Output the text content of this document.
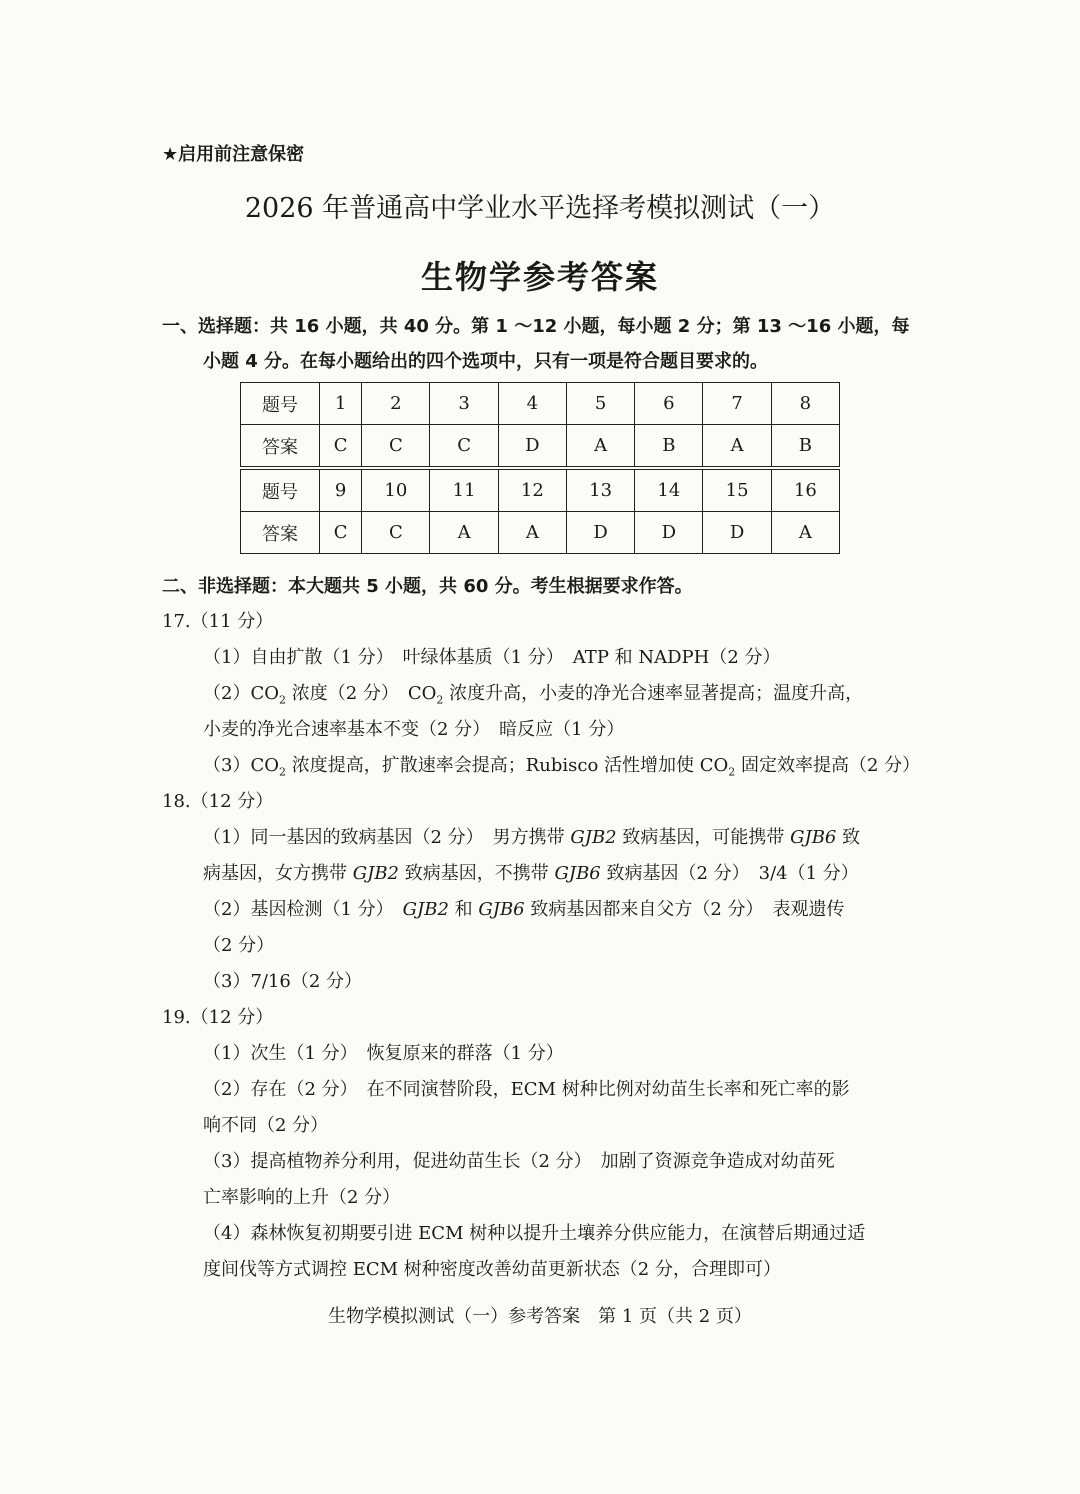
★启用前注意保密
2026 年普通高中学业水平选择考模拟测试（一）
生物学参考答案
一、选择题：共 16 小题，共 40 分。第 1 ～12 小题，每小题 2 分；第 13 ～16 小题，每
小题 4 分。在每小题给出的四个选项中，只有一项是符合题目要求的。
题号	1	2	3	4	5	6	7	8
答案	C	C	C	D	A	B	A	B
题号	9	10	11	12	13	14	15	16
答案	C	C	A	A	D	D	D	A
二、非选择题：本大题共 5 小题，共 60 分。考生根据要求作答。
17.（11 分）
（1）自由扩散（1 分）　叶绿体基质（1 分）　ATP 和 NADPH（2 分）
$(2)CO_2$ 浓度（2 分）　$CO_2$ 浓度升高，小麦的净光合速率显著提高；温度升高，
小麦的净光合速率基本不变（2 分）　暗反应（1 分）
$(3)CO_2$ 浓度提高，扩散速率会提高；Rubisco 活性增加使 $CO_2$ 固定效率提高（2 分）
18.（12 分）
（1）同一基因的致病基因（2 分）　男方携带 GJB2 致病基因，可能携带 GJB6 致
病基因，女方携带 GJB2 致病基因，不携带 GJB6 致病基因（2 分）　3/4（1 分）
（2）基因检测（1 分）　GJB2 和 GJB6 致病基因都来自父方（2 分）　表观遗传
（2 分）
（3）7/16（2 分）
19.（12 分）
（1）次生（1 分）　恢复原来的群落（1 分）
（2）存在（2 分）　在不同演替阶段，ECM 树种比例对幼苗生长率和死亡率的影
响不同（2 分）
（3）提高植物养分利用，促进幼苗生长（2 分）　加剧了资源竞争造成对幼苗死
亡率影响的上升（2 分）
（4）森林恢复初期要引进 ECM 树种以提升土壤养分供应能力，在演替后期通过适
度间伐等方式调控 ECM 树种密度改善幼苗更新状态（2 分，合理即可）
生物学模拟测试（一）参考答案　第 1 页（共 2 页）
